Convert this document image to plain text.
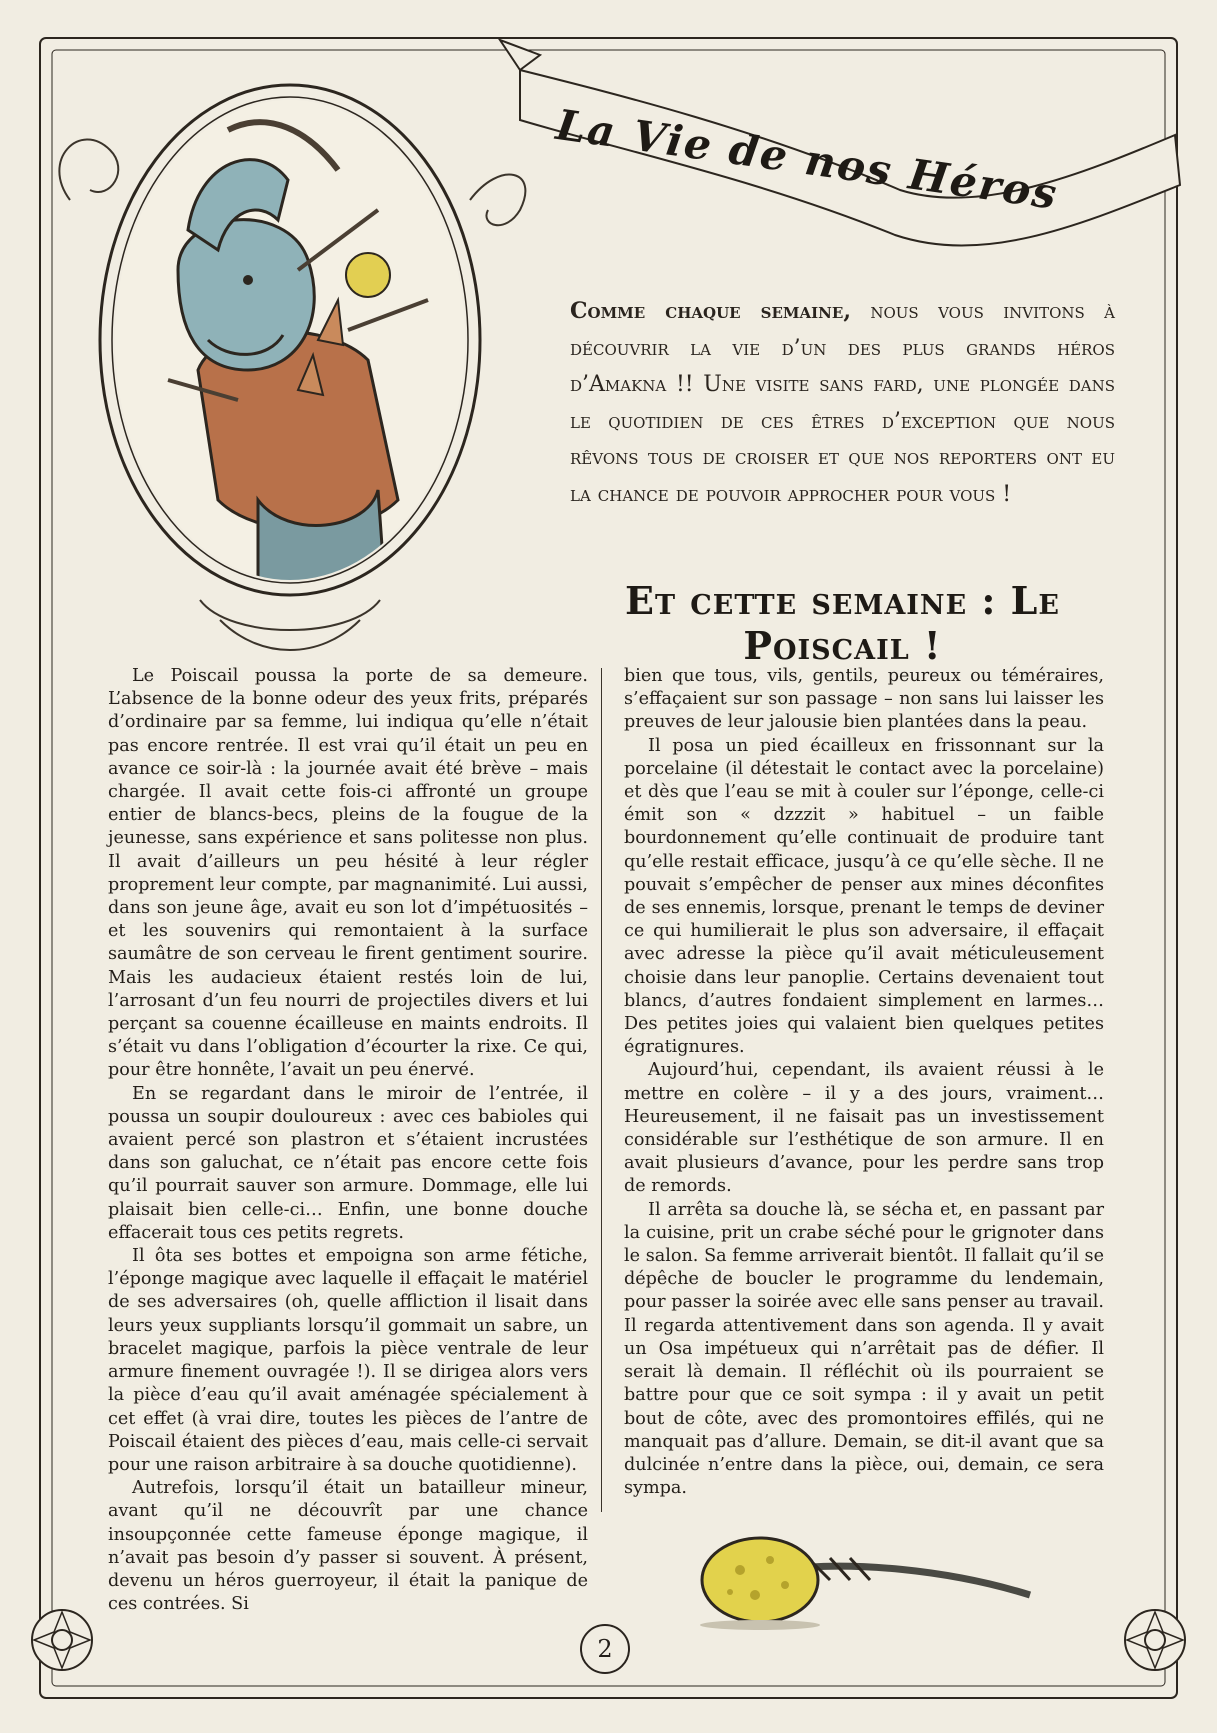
La Vie de nos Héros
Comme chaque semaine, nous vous invitons à découvrir la vie d’un des plus grands héros d’Amakna !! Une visite sans fard, une plongée dans le quotidien de ces êtres d’exception que nous rêvons tous de croiser et que nos reporters ont eu la chance de pouvoir approcher pour vous !
Et cette semaine : Le Poiscail !

Le Poiscail poussa la porte de sa demeure. L’absence de la bonne odeur des yeux frits, préparés d’ordinaire par sa femme, lui indiqua qu’elle n’était pas encore rentrée. Il est vrai qu’il était un peu en avance ce soir-là : la journée avait été brève – mais chargée. Il avait cette fois-ci affronté un groupe entier de blancs-becs, pleins de la fougue de la jeunesse, sans expérience et sans politesse non plus. Il avait d’ailleurs un peu hésité à leur régler proprement leur compte, par magnanimité. Lui aussi, dans son jeune âge, avait eu son lot d’impétuosités – et les souvenirs qui remontaient à la surface saumâtre de son cerveau le firent gentiment sourire. Mais les audacieux étaient restés loin de lui, l’arrosant d’un feu nourri de projectiles divers et lui perçant sa couenne écailleuse en maints endroits. Il s’était vu dans l’obligation d’écourter la rixe. Ce qui, pour être honnête, l’avait un peu énervé.

En se regardant dans le miroir de l’entrée, il poussa un soupir douloureux : avec ces babioles qui avaient percé son plastron et s’étaient incrustées dans son galuchat, ce n’était pas encore cette fois qu’il pourrait sauver son armure. Dommage, elle lui plaisait bien celle-ci… Enfin, une bonne douche effacerait tous ces petits regrets.

Il ôta ses bottes et empoigna son arme fétiche, l’éponge magique avec laquelle il effaçait le matériel de ses adversaires (oh, quelle affliction il lisait dans leurs yeux suppliants lorsqu’il gommait un sabre, un bracelet magique, parfois la pièce ventrale de leur armure finement ouvragée !). Il se dirigea alors vers la pièce d’eau qu’il avait aménagée spécialement à cet effet (à vrai dire, toutes les pièces de l’antre de Poiscail étaient des pièces d’eau, mais celle-ci servait pour une raison arbitraire à sa douche quotidienne).

Autrefois, lorsqu’il était un batailleur mineur, avant qu’il ne découvrît par une chance insoupçonnée cette fameuse éponge magique, il n’avait pas besoin d’y passer si souvent. À présent, devenu un héros guerroyeur, il était la panique de ces contrées. Si

bien que tous, vils, gentils, peureux ou téméraires, s’effaçaient sur son passage – non sans lui laisser les preuves de leur jalousie bien plantées dans la peau.

Il posa un pied écailleux en frissonnant sur la porcelaine (il détestait le contact avec la porcelaine) et dès que l’eau se mit à couler sur l’éponge, celle-ci émit son « dzzzit » habituel – un faible bourdonnement qu’elle continuait de produire tant qu’elle restait efficace, jusqu’à ce qu’elle sèche. Il ne pouvait s’empêcher de penser aux mines déconfites de ses ennemis, lorsque, prenant le temps de deviner ce qui humilierait le plus son adversaire, il effaçait avec adresse la pièce qu’il avait méticuleusement choisie dans leur panoplie. Certains devenaient tout blancs, d’autres fondaient simplement en larmes… Des petites joies qui valaient bien quelques petites égratignures.

Aujourd’hui, cependant, ils avaient réussi à le mettre en colère – il y a des jours, vraiment… Heureusement, il ne faisait pas un investissement considérable sur l’esthétique de son armure. Il en avait plusieurs d’avance, pour les perdre sans trop de remords.

Il arrêta sa douche là, se sécha et, en passant par la cuisine, prit un crabe séché pour le grignoter dans le salon. Sa femme arriverait bientôt. Il fallait qu’il se dépêche de boucler le programme du lendemain, pour passer la soirée avec elle sans penser au travail. Il regarda attentivement dans son agenda. Il y avait un Osa impétueux qui n’arrêtait pas de défier. Il serait là demain. Il réfléchit où ils pourraient se battre pour que ce soit sympa : il y avait un petit bout de côte, avec des promontoires effilés, qui ne manquait pas d’allure. Demain, se dit-il avant que sa dulcinée n’entre dans la pièce, oui, demain, ce sera sympa.

2
